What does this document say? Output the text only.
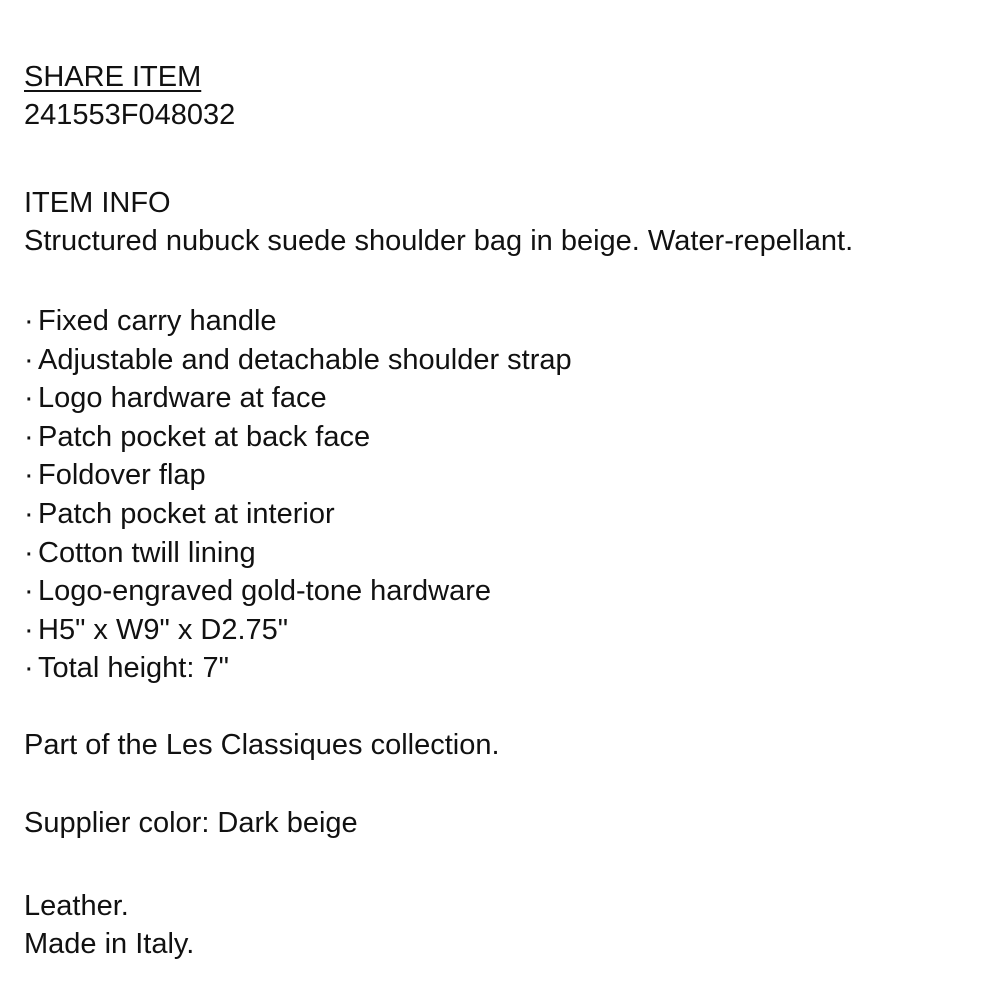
SHARE ITEM
241553F048032
ITEM INFO
Structured nubuck suede shoulder bag in beige. Water-repellant.
· Fixed carry handle
· Adjustable and detachable shoulder strap
· Logo hardware at face
· Patch pocket at back face
· Foldover flap
· Patch pocket at interior
· Cotton twill lining
· Logo-engraved gold-tone hardware
· H5" x W9" x D2.75"
· Total height: 7"
Part of the Les Classiques collection.
Supplier color: Dark beige
Leather.
Made in Italy.
